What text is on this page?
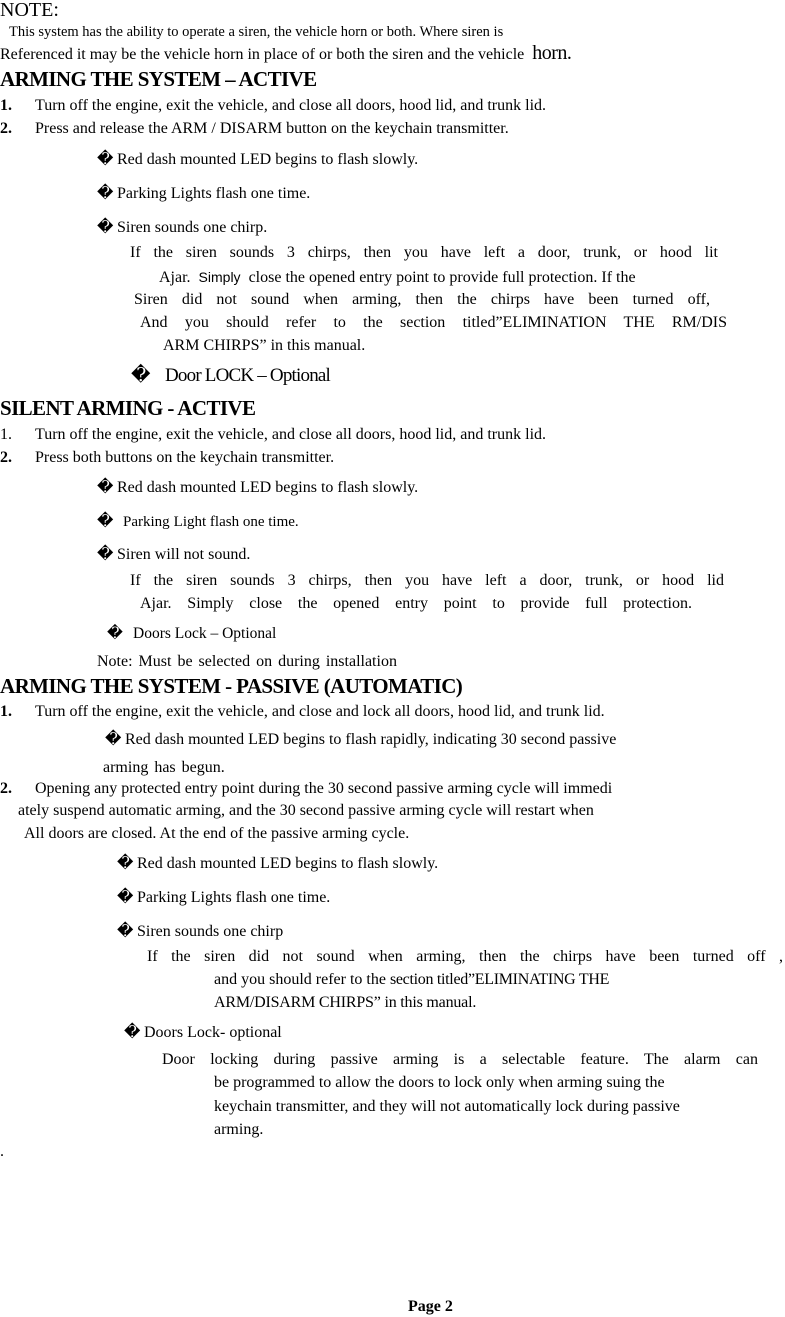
NOTE:
This system has the ability to operate a siren, the vehicle horn or both. Where siren is
Referenced it may be the vehicle horn in place of or both the siren and the vehicle horn.
ARMING THE SYSTEM – ACTIVE
1. Turn off the engine, exit the vehicle, and close all doors, hood lid, and trunk lid.
2. Press and release the ARM / DISARM button on the keychain transmitter.
� Red dash mounted LED begins to flash slowly.
� Parking Lights flash one time.
� Siren sounds one chirp.
If the siren sounds 3 chirps, then you have left a door, trunk, or hood lit
Ajar. Simply close the opened entry point to provide full protection. If the
Siren did not sound when arming, then the chirps have been turned off,
And you should refer to the section titled”ELIMINATION THE RM/DIS
ARM CHIRPS” in this manual.
� Door LOCK – Optional
SILENT ARMING - ACTIVE
1. Turn off the engine, exit the vehicle, and close all doors, hood lid, and trunk lid.
2. Press both buttons on the keychain transmitter.
� Red dash mounted LED begins to flash slowly.
� Parking Light flash one time.
� Siren will not sound.
If the siren sounds 3 chirps, then you have left a door, trunk, or hood lid
Ajar. Simply close the opened entry point to provide full protection.
� Doors Lock – Optional
Note: Must be selected on during installation
ARMING THE SYSTEM - PASSIVE (AUTOMATIC)
1. Turn off the engine, exit the vehicle, and close and lock all doors, hood lid, and trunk lid.
� Red dash mounted LED begins to flash rapidly, indicating 30 second passive
arming has begun.
2. Opening any protected entry point during the 30 second passive arming cycle will immedi
ately suspend automatic arming, and the 30 second passive arming cycle will restart when
All doors are closed. At the end of the passive arming cycle.
� Red dash mounted LED begins to flash slowly.
� Parking Lights flash one time.
� Siren sounds one chirp
If the siren did not sound when arming, then the chirps have been turned off ,
and you should refer to the section titled”ELIMINATING THE
ARM/DISARM CHIRPS” in this manual.
� Doors Lock- optional
Door locking during passive arming is a selectable feature. The alarm can
be programmed to allow the doors to lock only when arming suing the
keychain transmitter, and they will not automatically lock during passive
arming.
.
Page 2
